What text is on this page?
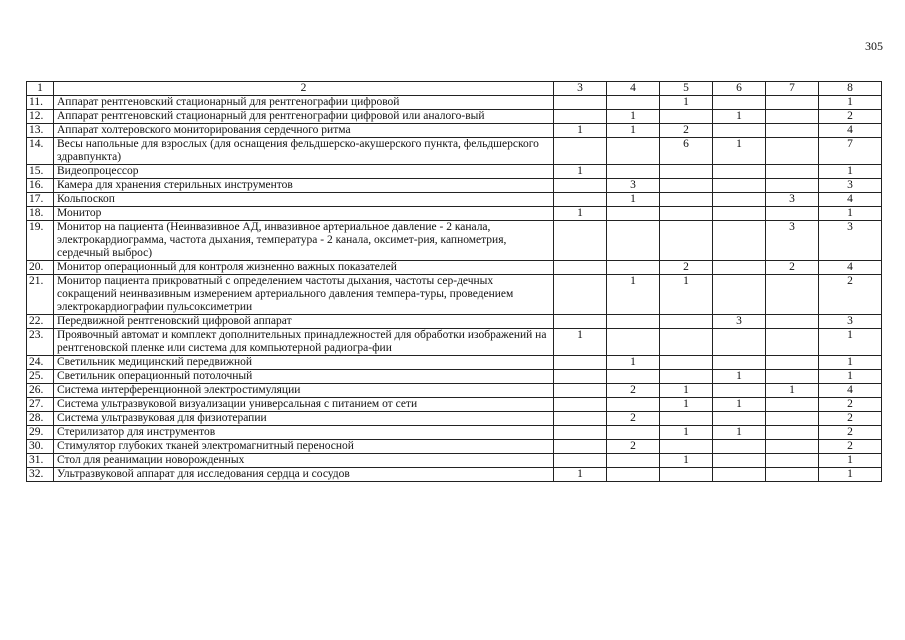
305
1	2	3	4	5	6	7	8
11.	Аппарат рентгеновский стационарный для рентгенографии цифровой			1			1
12.	Аппарат рентгеновский стационарный для рентгенографии цифровой или аналого-вый		1		1		2
13.	Аппарат холтеровского мониторирования сердечного ритма	1	1	2			4
14.	Весы напольные для взрослых (для оснащения фельдшерско-акушерского пункта, фельдшерского здравпункта)			6	1		7
15.	Видеопроцессор	1					1
16.	Камера для хранения стерильных инструментов		3				3
17.	Кольпоскоп		1			3	4
18.	Монитор	1					1
19.	Монитор на пациента (Неинвазивное АД, инвазивное артериальное давление - 2 канала, электрокардиограмма, частота дыхания, температура - 2 канала, оксимет-рия, капнометрия, сердечный выброс)					3	3
20.	Монитор операционный для контроля жизненно важных показателей			2		2	4
21.	Монитор пациента прикроватный с определением частоты дыхания, частоты сер-дечных сокращений неинвазивным измерением артериального давления темпера-туры, проведением электрокардиографии пульсоксиметрии		1	1			2
22.	Передвижной рентгеновский цифровой аппарат				3		3
23.	Проявочный автомат и комплект дополнительных принадлежностей для обработки изображений на рентгеновской пленке или система для компьютерной радиогра-фии	1					1
24.	Светильник медицинский передвижной		1				1
25.	Светильник операционный потолочный				1		1
26.	Система интерференционной электростимуляции		2	1		1	4
27.	Система ультразвуковой визуализации универсальная с питанием от сети			1	1		2
28.	Система ультразвуковая для физиотерапии		2				2
29.	Стерилизатор для инструментов			1	1		2
30.	Стимулятор глубоких тканей электромагнитный переносной		2				2
31.	Стол для реанимации новорожденных			1			1
32.	Ультразвуковой аппарат для исследования сердца и сосудов	1					1
